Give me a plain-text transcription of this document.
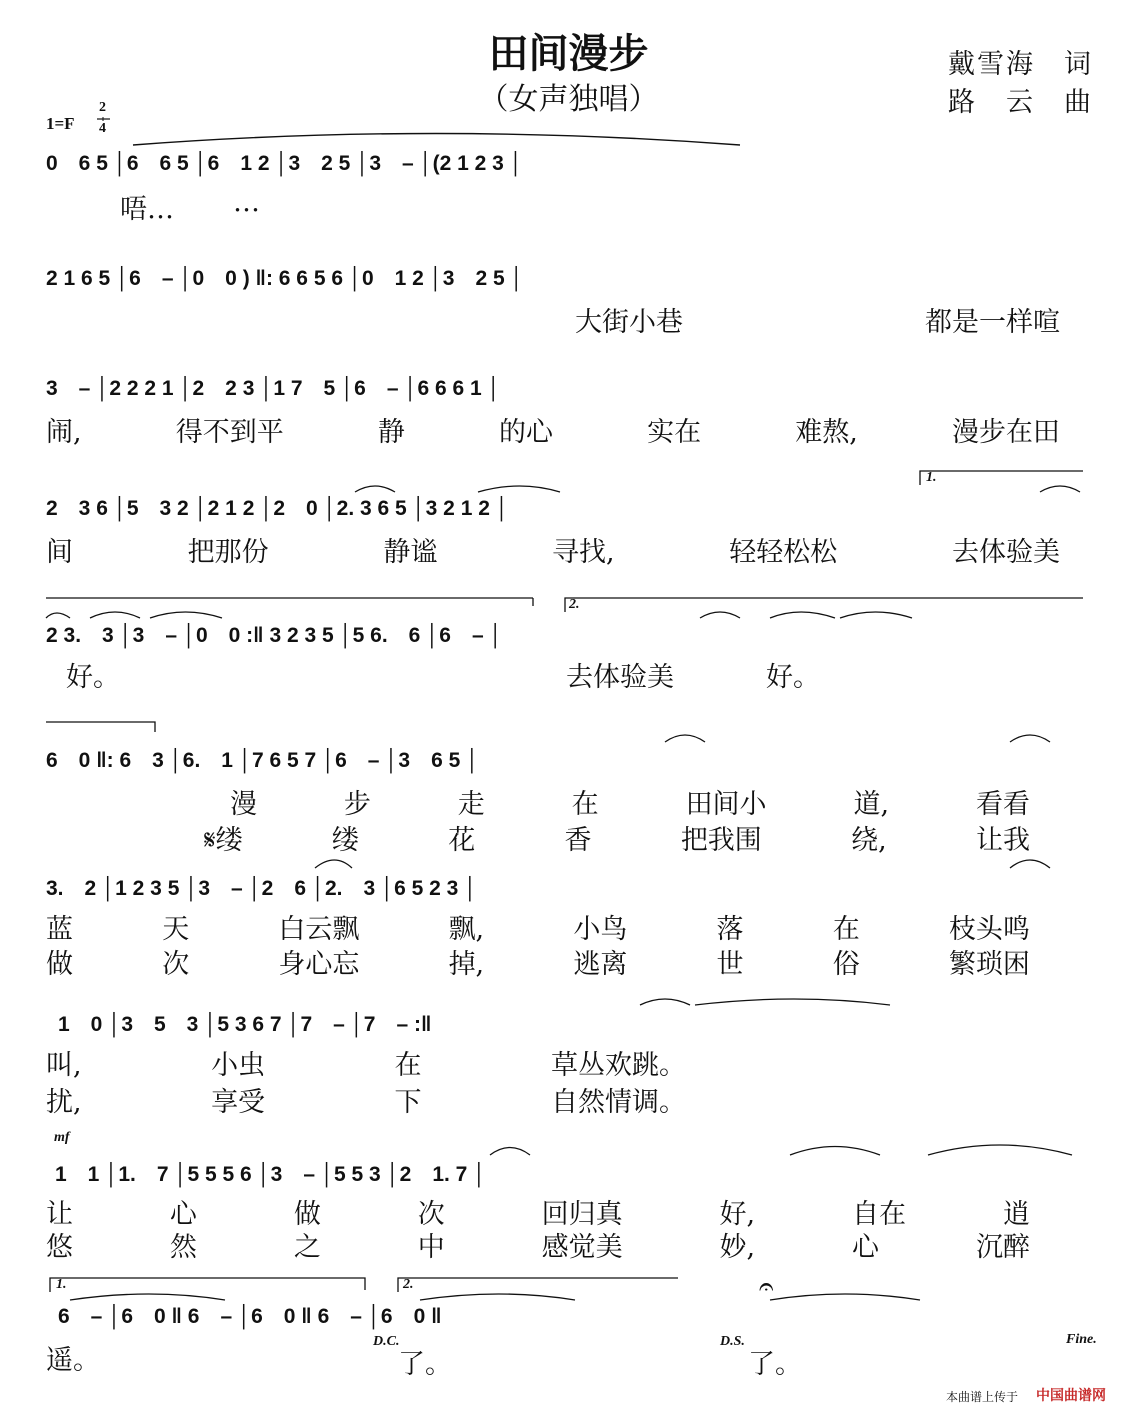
田间漫步
（女声独唱）
戴雪海　词
路　云　曲
1=F
2
4
1.
2.
1.	2.
0　6 5 │6　6 5 │6　1 2 │3　2 5 │3　– │(2 1 2 3 │
唔… …
2 1 6 5 │6　– │0　0 ) ‖: 6 6 5 6 │0　1 2 │3　2 5 │
大街小巷	都是一样喧
3　– │2 2 2 1 │2　2 3 │1 7　5 │6　– │6 6 6 1 │
闹,	得不到平	静	的心	实在	难熬,	漫步在田
2　3 6 │5　3 2 │2 1 2 │2　0 │2. 3 6 5 │3 2 1 2 │
间	把那份	静谧	寻找,	轻轻松松	去体验美
2 3.　3 │3　– │0　0 :‖ 3 2 3 5 │5 6.　6 │6　– │
好。	去体验美	好。
6　0 ‖: 6　3 │6.　1 │7 6 5 7 │6　– │3　6 5 │
漫	步	走	在	田间小	道,	看看
𝄋缕	缕	花	香	把我围	绕,	让我
3.　2 │1 2 3 5 │3　– │2　6 │2.　3 │6 5 2 3 │
蓝	天	白云飘	飘,	小鸟	落	在	枝头鸣
做	次	身心忘	掉,	逃离	世	俗	繁琐困
1　0 │3　5　3 │5 3 6 7 │7　– │7　– :‖
叫,	小虫	在	草丛欢跳。
扰,	享受	下	自然情调。
mf
1　1 │1.　7 │5 5 5 6 │3　– │5 5 3 │2　1. 7 │
让	心	做	次	回归真	好,	自在	逍
悠	然	之	中	感觉美	妙,	心	沉醉
𝄐
6　– │6　0 ‖ 6　– │6　0 ‖ 6　– │6　0 ‖
遥。
D.C.
了。
D.S.
了。
Fine.
本曲谱上传于 中国曲谱网
